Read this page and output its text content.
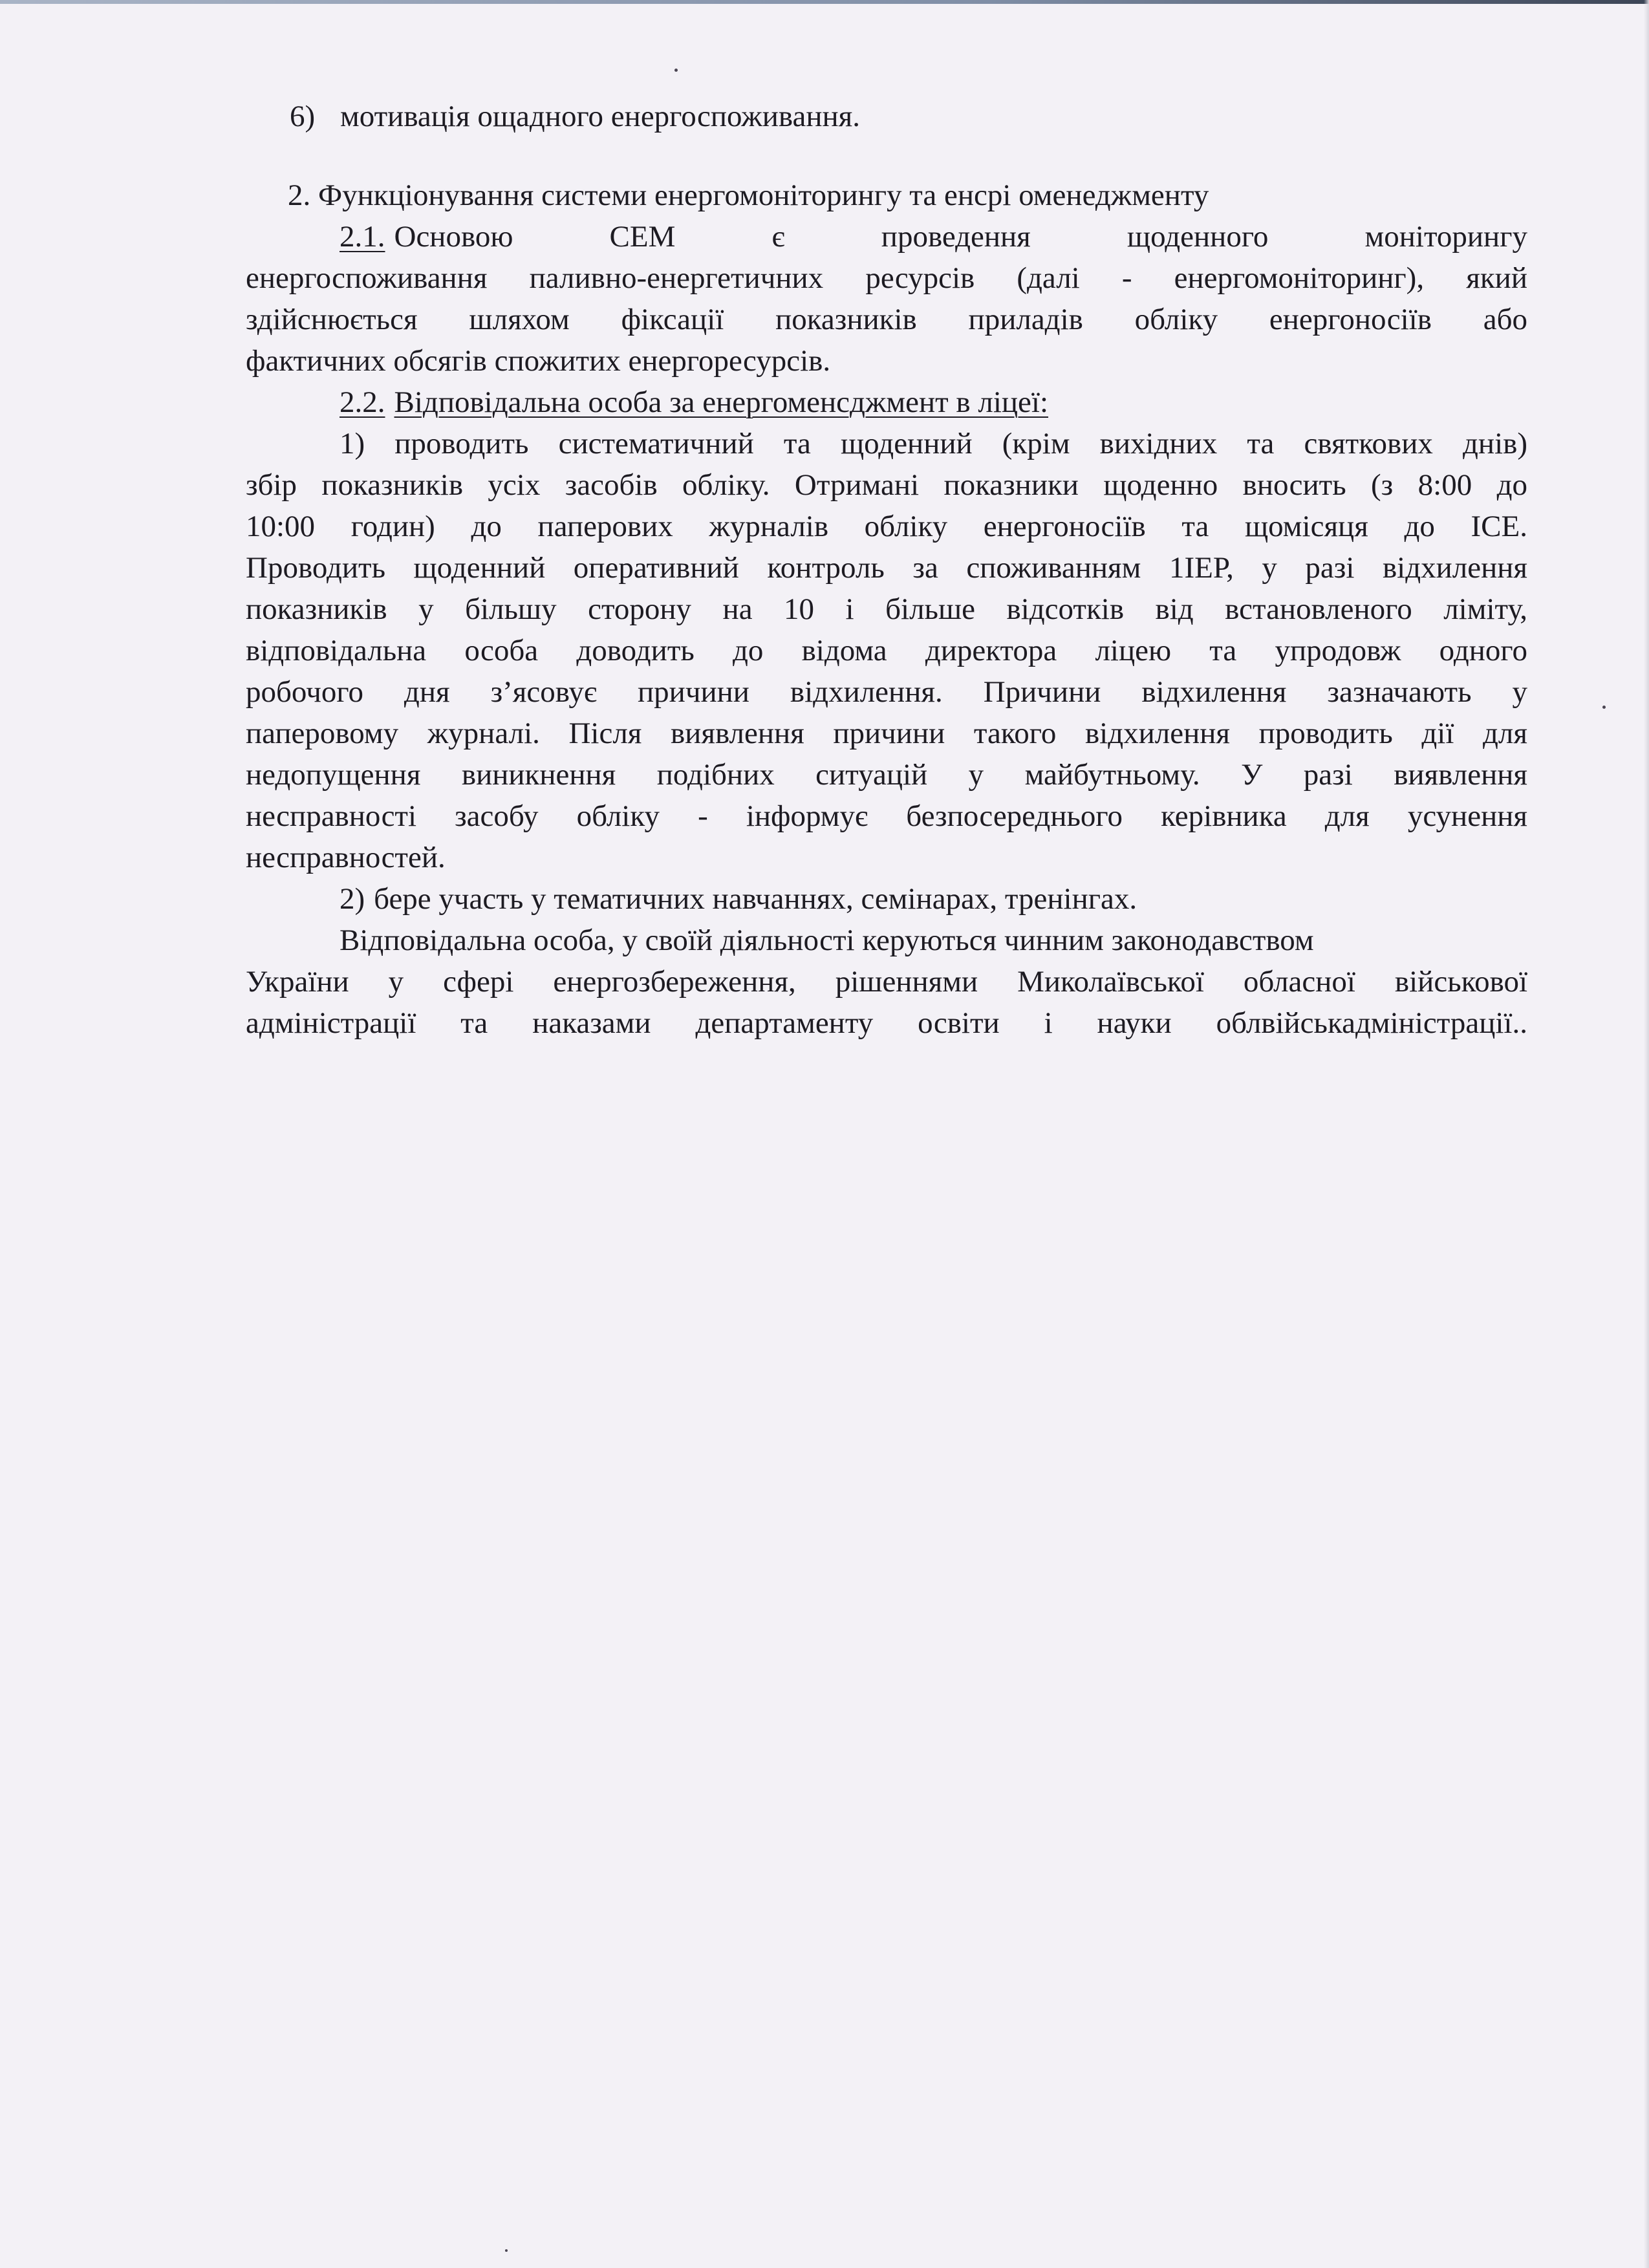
6) мотивація ощадного енергоспоживання.
2. Функціонування системи енергомоніторингу та енсрі оменеджменту
2.1. Основою СЕМ є проведення щоденного моніторингу
енергоспоживання паливно-енергетичних ресурсів (далі - енергомоніторинг), який
здійснюється шляхом фіксації показників приладів обліку енергоносіїв або
фактичних обсягів спожитих енергоресурсів.
2.2. Відповідальна особа за енергоменсджмент в ліцеї:
1) проводить систематичний та щоденний (крім вихідних та святкових днів)
збір показників усіх засобів обліку. Отримані показники щоденно вносить (з 8:00 до
10:00 годин) до паперових журналів обліку енергоносіїв та щомісяця до ІСЕ.
Проводить щоденний оперативний контроль за споживанням 1ІЕР, у разі відхилення
показників у більшу сторону на 10 і більше відсотків від встановленого ліміту,
відповідальна особа доводить до відома директора ліцею та упродовж одного
робочого дня з’ясовує причини відхилення. Причини відхилення зазначають у
паперовому журналі. Після виявлення причини такого відхилення проводить дії для
недопущення виникнення подібних ситуацій у майбутньому. У разі виявлення
несправності засобу обліку - інформує безпосереднього керівника для усунення
несправностей.
2) бере участь у тематичних навчаннях, семінарах, тренінгах.
Відповідальна особа, у своїй діяльності керуються чинним законодавством
України у сфері енергозбереження, рішеннями Миколаївської обласної військової
адміністрації та наказами департаменту освіти і науки облвійськадміністрації..
